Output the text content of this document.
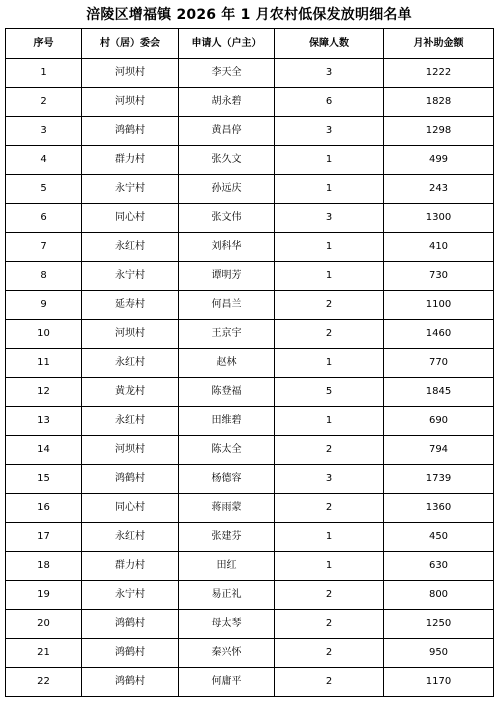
涪陵区增福镇 2026 年 1 月农村低保发放明细名单
序号	村（居）委会	申请人（户主）	保障人数	月补助金额
1	河坝村	李天全	3	1222
2	河坝村	胡永碧	6	1828
3	鸿鹤村	黄昌停	3	1298
4	群力村	张久文	1	499
5	永宁村	孙远庆	1	243
6	同心村	张文伟	3	1300
7	永红村	刘科华	1	410
8	永宁村	谭明芳	1	730
9	延寿村	何昌兰	2	1100
10	河坝村	王京宇	2	1460
11	永红村	赵林	1	770
12	黄龙村	陈登福	5	1845
13	永红村	田维碧	1	690
14	河坝村	陈太全	2	794
15	鸿鹤村	杨德容	3	1739
16	同心村	蒋雨蒙	2	1360
17	永红村	张建芬	1	450
18	群力村	田红	1	630
19	永宁村	易正礼	2	800
20	鸿鹤村	母太琴	2	1250
21	鸿鹤村	秦兴怀	2	950
22	鸿鹤村	何庸平	2	1170
